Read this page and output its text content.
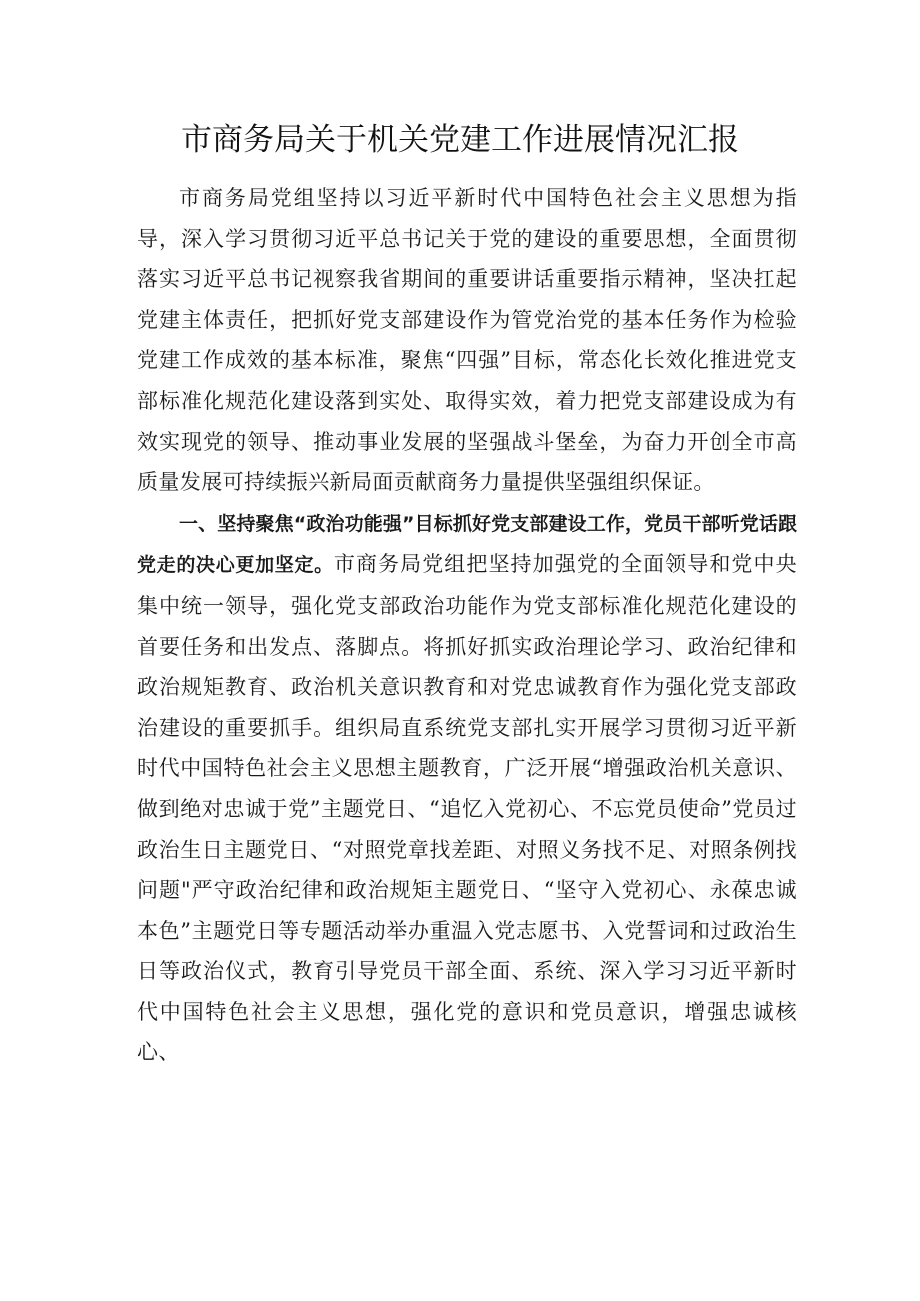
市商务局关于机关党建工作进展情况汇报

市商务局党组坚持以习近平新时代中国特色社会主义思想为指导，深入学习贯彻习近平总书记关于党的建设的重要思想，全面贯彻落实习近平总书记视察我省期间的重要讲话重要指示精神，坚决扛起党建主体责任，把抓好党支部建设作为管党治党的基本任务作为检验党建工作成效的基本标准，聚焦“四强”目标，常态化长效化推进党支部标准化规范化建设落到实处、取得实效，着力把党支部建设成为有效实现党的领导、推动事业发展的坚强战斗堡垒，为奋力开创全市高质量发展可持续振兴新局面贡献商务力量提供坚强组织保证。

一、坚持聚焦“政治功能强”目标抓好党支部建设工作，党员干部听党话跟党走的决心更加坚定。市商务局党组把坚持加强党的全面领导和党中央集中统一领导，强化党支部政治功能作为党支部标准化规范化建设的首要任务和出发点、落脚点。将抓好抓实政治理论学习、政治纪律和政治规矩教育、政治机关意识教育和对党忠诚教育作为强化党支部政治建设的重要抓手。组织局直系统党支部扎实开展学习贯彻习近平新时代中国特色社会主义思想主题教育，广泛开展“增强政治机关意识、做到绝对忠诚于党”主题党日、“追忆入党初心、不忘党员使命”党员过政治生日主题党日、“对照党章找差距、对照义务找不足、对照条例找问题"严守政治纪律和政治规矩主题党日、“坚守入党初心、永葆忠诚本色”主题党日等专题活动举办重温入党志愿书、入党誓词和过政治生日等政治仪式，教育引导党员干部全面、系统、深入学习习近平新时代中国特色社会主义思想，强化党的意识和党员意识，增强忠诚核心、
